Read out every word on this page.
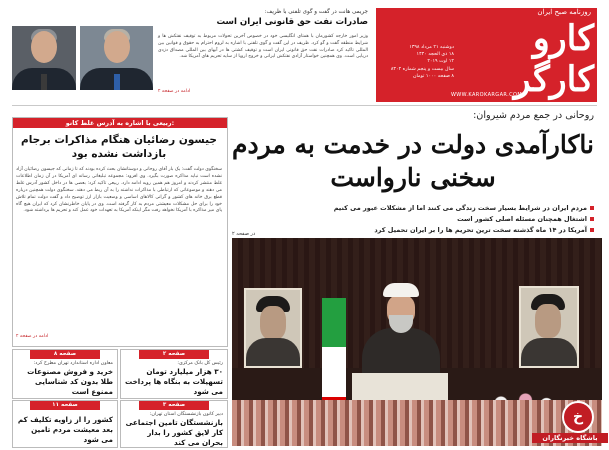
روزنامه صبح ایران
کارو کارگر
دوشنبه ۲۱ مرداد ۱۳۹۸
۱۸ ذی الحجه ۱۴۴۰
۱۲ اوت ۲۰۱۹
سال بیست و پنجم شماره ۸۳۰۲
۸ صفحه ۱۰۰۰ تومان
WWW.KAROKARGAR.COM
جریمی هانت در گفت و گوی تلفنی با ظریف:
صادرات نفت حق قانونی ایران است
وزیر امور خارجه کشورمان با همتای انگلیسی خود در خصوص آخرین تحولات مربوط به توقیف نفتکش ها و شرایط منطقه گفت و گو کرد. ظریف در این گفت و گوی تلفنی با اشاره به لزوم احترام به حقوق و قوانین بین المللی تاکید کرد صادرات نفت حق قانونی ایران است و توقیف کشتی ها در آبهای بین المللی مصداق دزدی دریایی است. وی همچنین خواستار آزادی نفتکش ایرانی و خروج اروپا از سایه تحریم های آمریکا شد.
ادامه در صفحه ۲
روحانی در جمع مردم شیروان:
ناکارآمدی دولت در خدمت به مردم سخنی نارواست
مردم ایران در شرایط بسیار سخت زندگی می کنند اما از مشکلات عبور می کنیم
اشتغال همچنان مسئله اصلی کشور است
آمریکا در ۱۴ ماه گذشته سخت ترین تحریم ها را بر ایران تحمیل کرد
در صفحه ۲
خ
باشگاه خبرنگاران
ربیعی با اشاره به آدرس غلط کانو:
جیسون رضائیان هنگام مذاکرات برجام بازداشت نشده بود
سخنگوی دولت گفت: یک بار آقای روحانی و دوستانشان بحث کرده بودند که تا زمانی که جیسون رضائیان آزاد نشده است نباید مذاکره صورت بگیرد. وی افزود: مجموعه تبلیغاتی رسانه ای آمریکا در آن زمان اطلاعات غلط منتشر کردند و امروز هم همین رویه ادامه دارد. ربیعی تاکید کرد: بعضی ها در داخل کشور آدرس غلط می دهند و موضوعاتی که ارتباطی با مذاکرات نداشته را به آن ربط می دهند. سخنگوی دولت همچنین درباره قطع برق خانه های کشور و گرانی کالاهای اساسی و وضعیت بازار ارز توضیح داد و گفت دولت تمام تلاش خود را برای حل مشکلات معیشتی مردم به کار گرفته است. وی در پایان خاطرنشان کرد که ایران هیچ گاه پای میز مذاکره با آمریکا نخواهد رفت مگر اینکه آمریکا به تعهدات خود عمل کند و تحریم ها برداشته شود.
ادامه در صفحه ۲
صفحه ۲
رئیس کل بانک مرکزی:
۳۰ هزار میلیارد تومان تسهیلات به بنگاه ها پرداخت می شود
صفحه ۸
معاون اداره استاندارد تهران مطرح کرد:
خرید و فروش مصنوعات طلا بدون کد شناسایی ممنوع است
صفحه ۳
دبیر کانون بازنشستگان استان تهران:
بازنشستگان تامین اجتماعی کار لایق کشور را بدار بحران می کند
صفحه ۱۱
کشور را از زاویه تکلیف کم بعد معیشت مردم تامین می شود
